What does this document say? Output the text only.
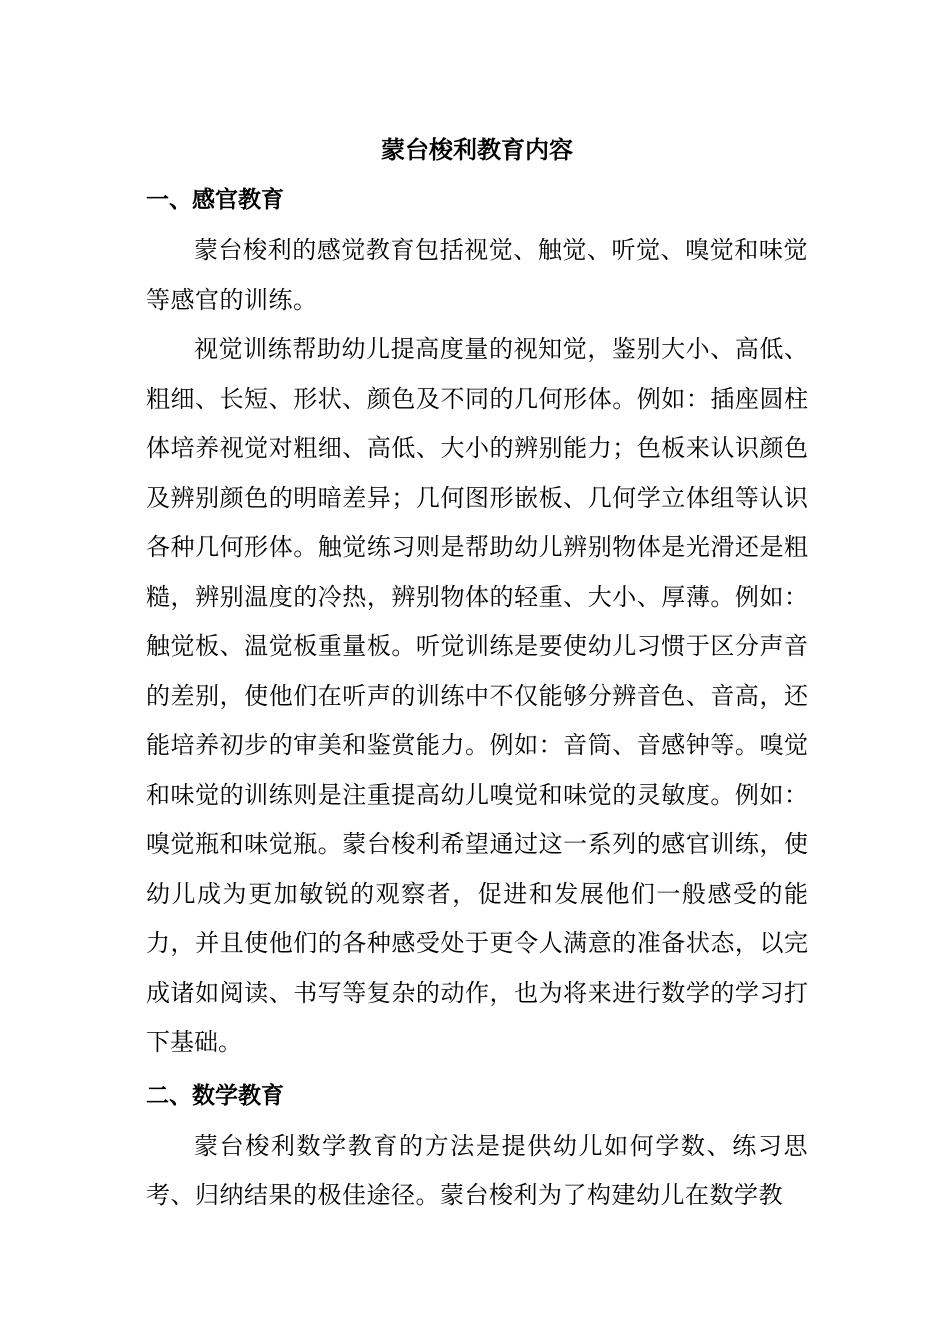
蒙台梭利教育内容
一、感官教育

蒙台梭利的感觉教育包括视觉、触觉、听觉、嗅觉和味觉等感官的训练。

视觉训练帮助幼儿提高度量的视知觉，鉴别大小、高低、粗细、长短、形状、颜色及不同的几何形体。例如：插座圆柱体培养视觉对粗细、高低、大小的辨别能力；色板来认识颜色及辨别颜色的明暗差异；几何图形嵌板、几何学立体组等认识各种几何形体。触觉练习则是帮助幼儿辨别物体是光滑还是粗糙，辨别温度的冷热，辨别物体的轻重、大小、厚薄。例如：触觉板、温觉板重量板。听觉训练是要使幼儿习惯于区分声音的差别，使他们在听声的训练中不仅能够分辨音色、音高，还能培养初步的审美和鉴赏能力。例如：音筒、音感钟等。嗅觉和味觉的训练则是注重提高幼儿嗅觉和味觉的灵敏度。例如：嗅觉瓶和味觉瓶。蒙台梭利希望通过这一系列的感官训练，使幼儿成为更加敏锐的观察者，促进和发展他们一般感受的能力，并且使他们的各种感受处于更令人满意的准备状态，以完成诸如阅读、书写等复杂的动作，也为将来进行数学的学习打下基础。

二、数学教育

蒙台梭利数学教育的方法是提供幼儿如何学数、练习思考、归纳结果的极佳途径。蒙台梭利为了构建幼儿在数学教
